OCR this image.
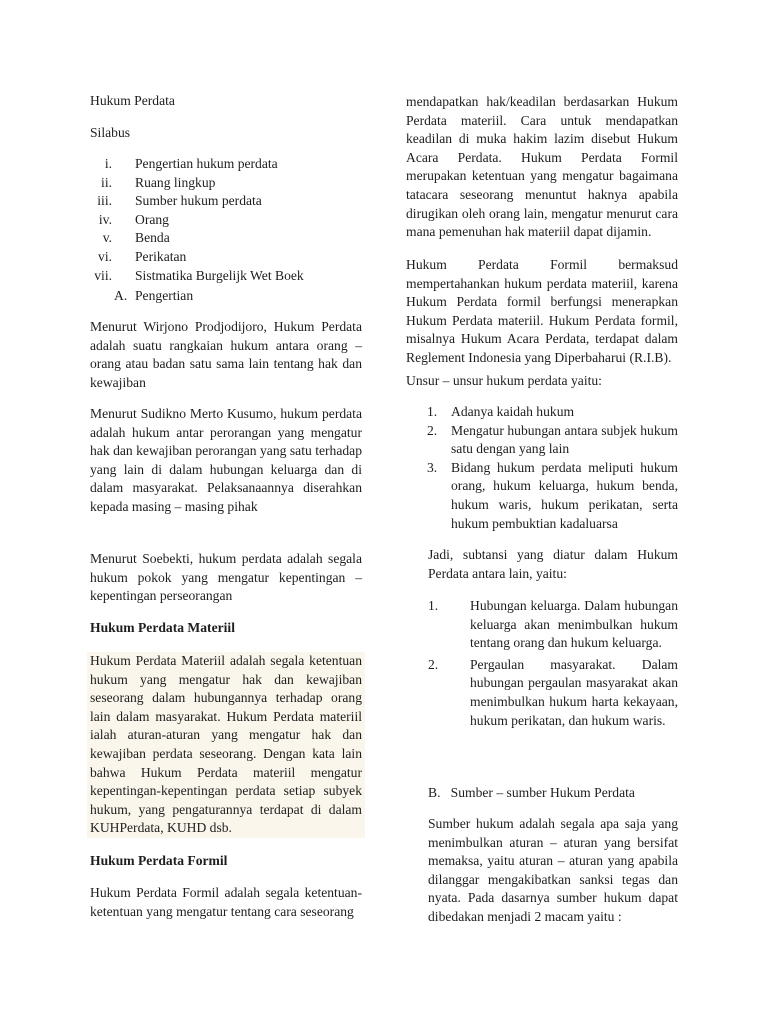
Hukum Perdata

Silabus

i. Pengertian hukum perdata
ii. Ruang lingkup
iii. Sumber hukum perdata
iv. Orang
v. Benda
vi. Perikatan
vii. Sistmatika Burgelijk Wet Boek
A. Pengertian

Menurut Wirjono Prodjodijoro, Hukum Perdata adalah suatu rangkaian hukum antara orang – orang atau badan satu sama lain tentang hak dan kewajiban

Menurut Sudikno Merto Kusumo, hukum perdata adalah hukum antar perorangan yang mengatur hak dan kewajiban perorangan yang satu terhadap yang lain di dalam hubungan keluarga dan di dalam masyarakat. Pelaksanaannya diserahkan kepada masing – masing pihak

Menurut Soebekti, hukum perdata adalah segala hukum pokok yang mengatur kepentingan – kepentingan perseorangan

Hukum Perdata Materiil

Hukum Perdata Materiil adalah segala ketentuan hukum yang mengatur hak dan kewajiban seseorang dalam hubungannya terhadap orang lain dalam masyarakat. Hukum Perdata materiil ialah aturan-aturan yang mengatur hak dan kewajiban perdata seseorang. Dengan kata lain bahwa Hukum Perdata materiil mengatur kepentingan-kepentingan perdata setiap subyek hukum, yang pengaturannya terdapat di dalam KUHPerdata, KUHD dsb.

Hukum Perdata Formil

Hukum Perdata Formil adalah segala ketentuan-ketentuan yang mengatur tentang cara seseorang

mendapatkan hak/keadilan berdasarkan Hukum Perdata materiil. Cara untuk mendapatkan keadilan di muka hakim lazim disebut Hukum Acara Perdata. Hukum Perdata Formil merupakan ketentuan yang mengatur bagaimana tatacara seseorang menuntut haknya apabila dirugikan oleh orang lain, mengatur menurut cara mana pemenuhan hak materiil dapat dijamin.

Hukum Perdata Formil bermaksud mempertahankan hukum perdata materiil, karena Hukum Perdata formil berfungsi menerapkan Hukum Perdata materiil. Hukum Perdata formil, misalnya Hukum Acara Perdata, terdapat dalam Reglement Indonesia yang Diperbaharui (R.I.B).

Unsur – unsur hukum perdata yaitu:

1. Adanya kaidah hukum
2. Mengatur hubungan antara subjek hukum satu dengan yang lain
3. Bidang hukum perdata meliputi hukum orang, hukum keluarga, hukum benda, hukum waris, hukum perikatan, serta hukum pembuktian kadaluarsa

Jadi, subtansi yang diatur dalam Hukum Perdata antara lain, yaitu:

1. Hubungan keluarga. Dalam hubungan keluarga akan menimbulkan hukum tentang orang dan hukum keluarga.
2. Pergaulan masyarakat. Dalam hubungan pergaulan masyarakat akan menimbulkan hukum harta kekayaan, hukum perikatan, dan hukum waris.

B. Sumber – sumber Hukum Perdata

Sumber hukum adalah segala apa saja yang menimbulkan aturan – aturan yang bersifat memaksa, yaitu aturan – aturan yang apabila dilanggar mengakibatkan sanksi tegas dan nyata. Pada dasarnya sumber hukum dapat dibedakan menjadi 2 macam yaitu :
